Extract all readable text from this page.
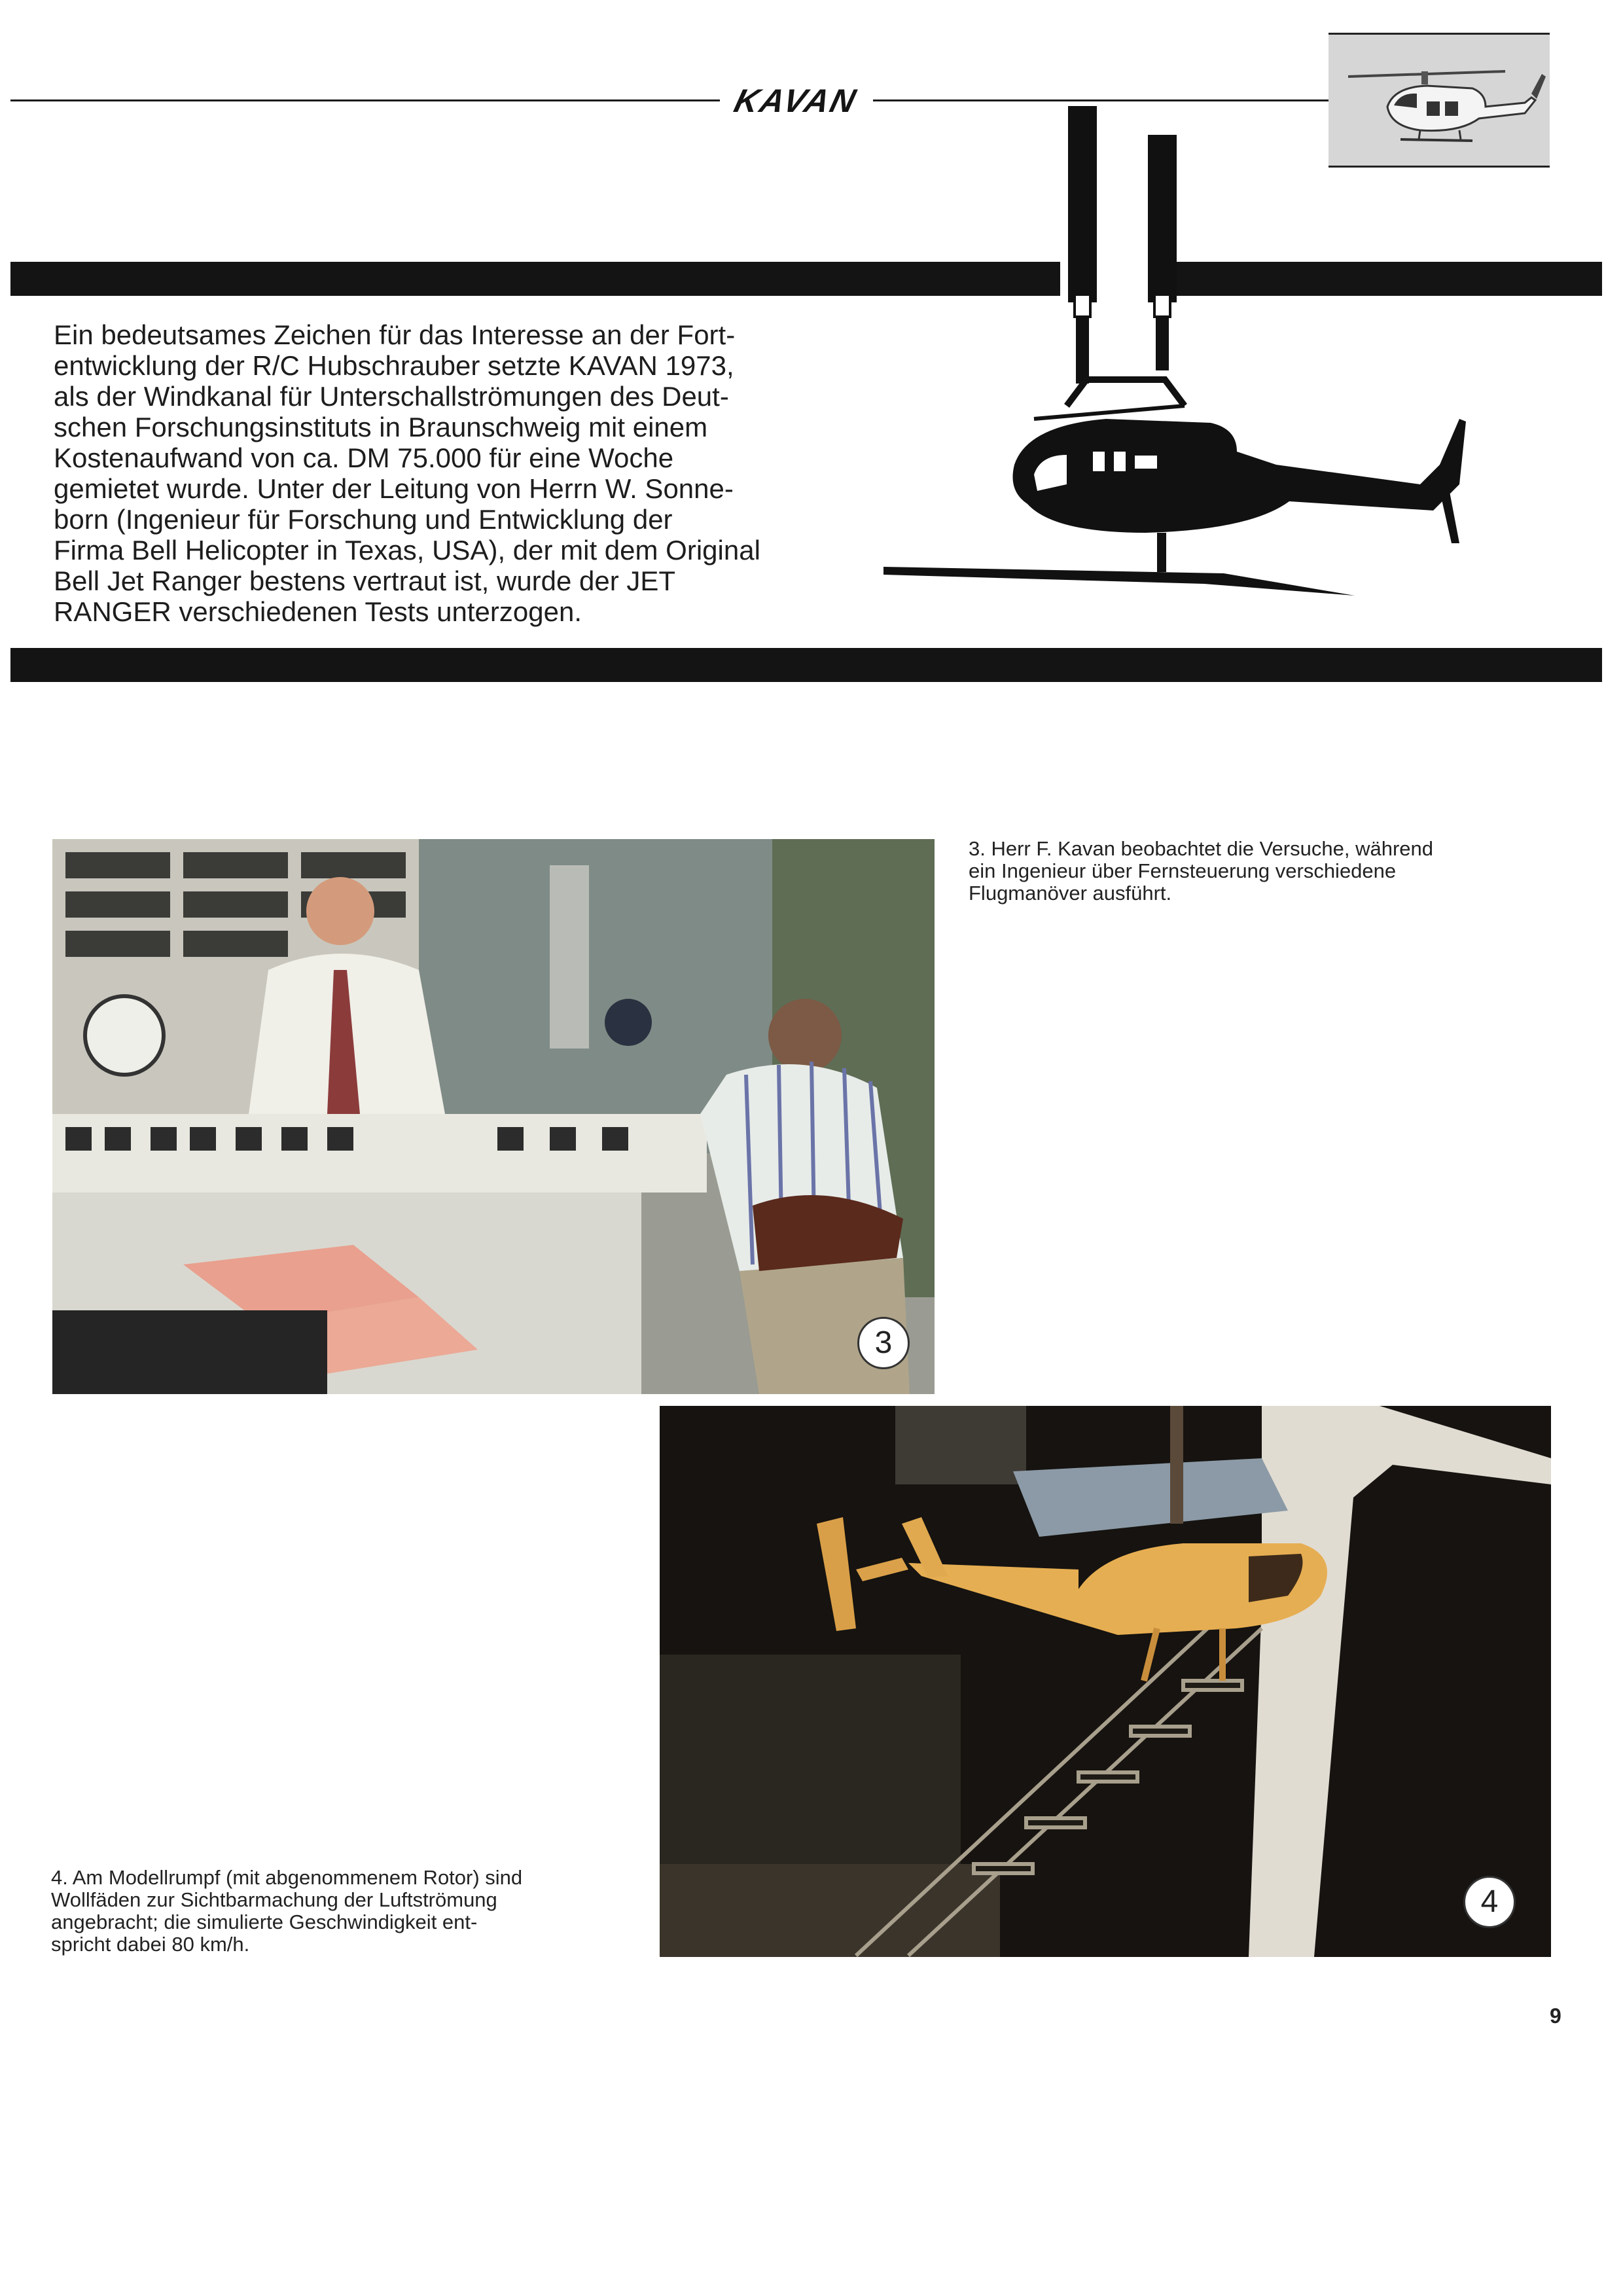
KAVAN

Ein bedeutsames Zeichen für das Interesse an der Fort-
entwicklung der R/C Hubschrauber setzte KAVAN 1973,
als der Windkanal für Unterschallströmungen des Deut-
schen Forschungsinstituts in Braunschweig mit einem
Kostenaufwand von ca. DM 75.000 für eine Woche
gemietet wurde. Unter der Leitung von Herrn W. Sonne-
born (Ingenieur für Forschung und Entwicklung der
Firma Bell Helicopter in Texas, USA), der mit dem Original
Bell Jet Ranger bestens vertraut ist, wurde der JET
RANGER verschiedenen Tests unterzogen.

3

3. Herr F. Kavan beobachtet die Versuche, während
ein Ingenieur über Fernsteuerung verschiedene
Flugmanöver ausführt.

4

4. Am Modellrumpf (mit abgenommenem Rotor) sind
Wollfäden zur Sichtbarmachung der Luftströmung
angebracht; die simulierte Geschwindigkeit ent-
spricht dabei 80 km/h.

9
